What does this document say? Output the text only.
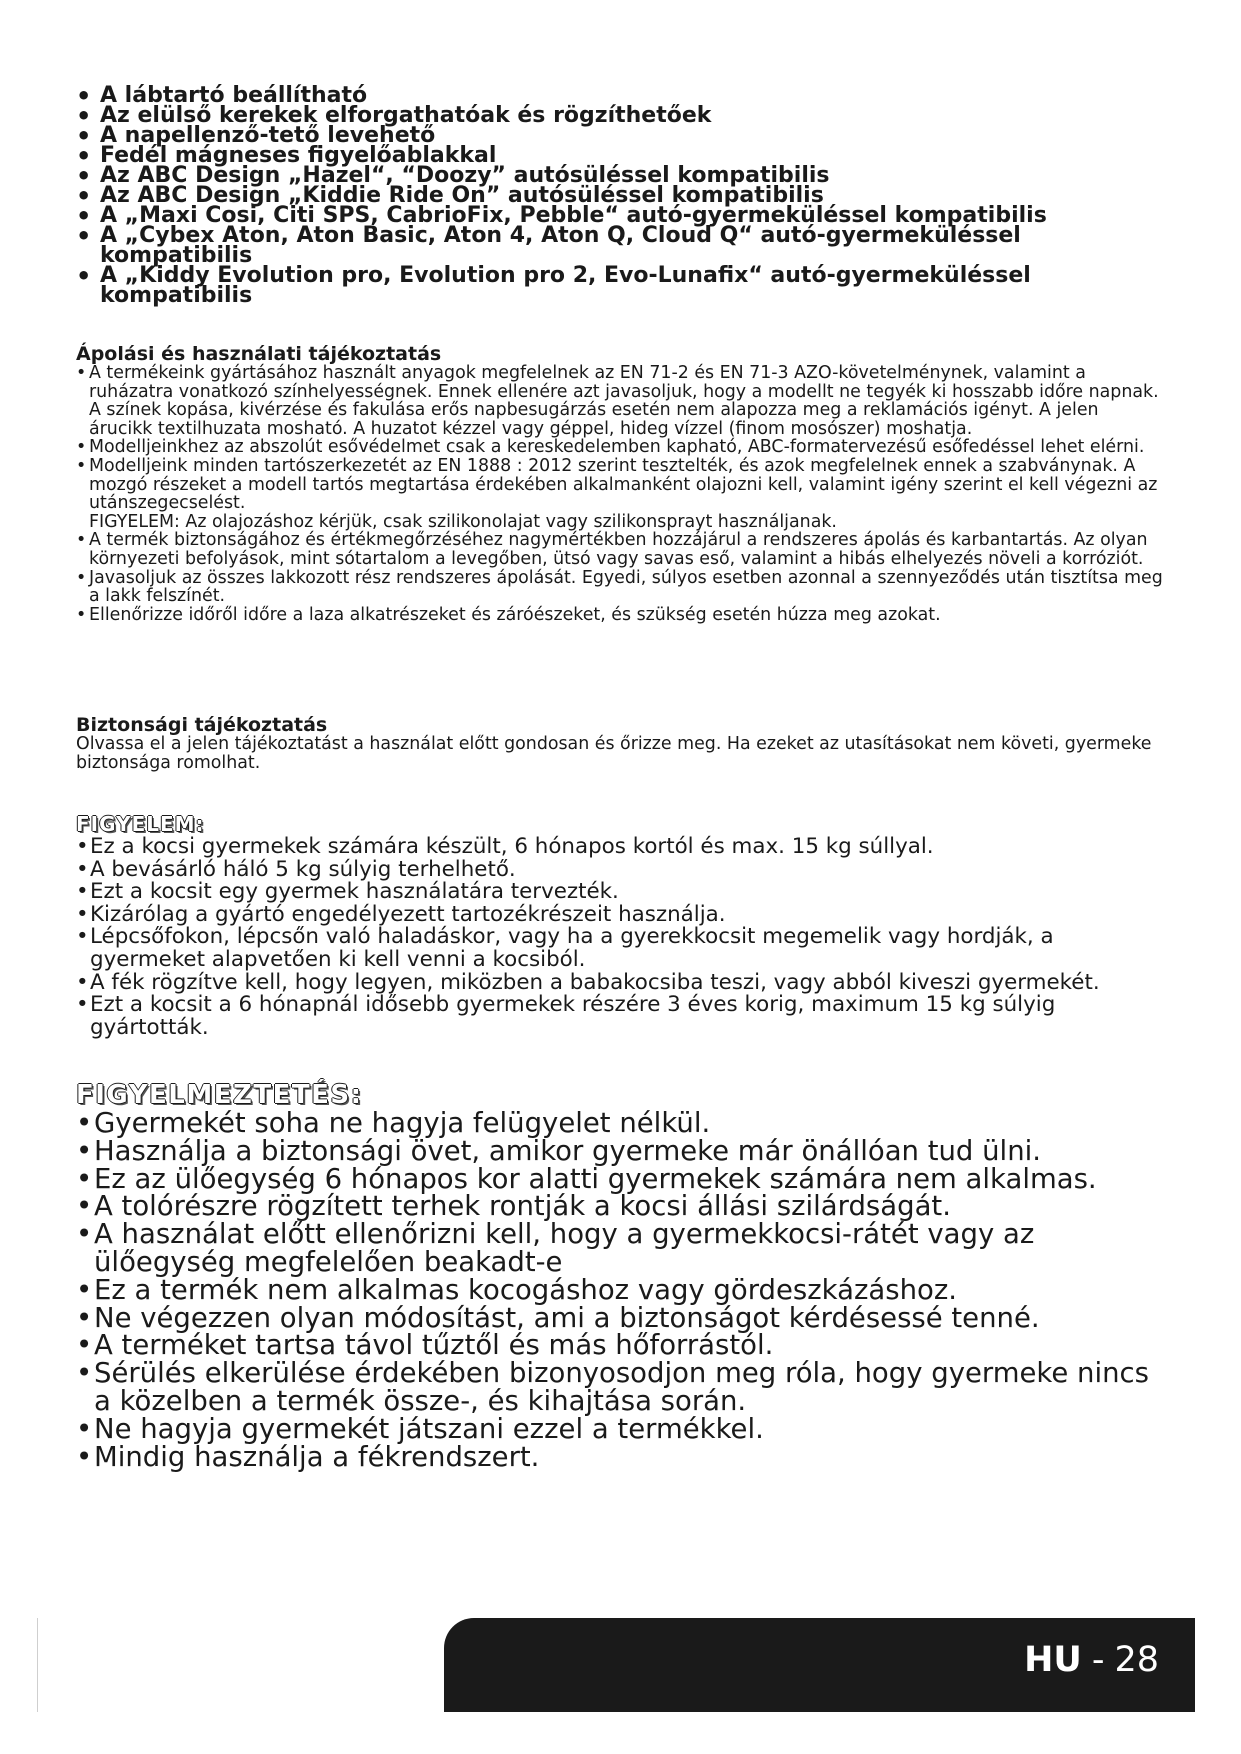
• A lábtartó beállítható
• Az elülső kerekek elforgathatóak és rögzíthetőek
• A napellenző-tető levehető
• Fedél mágneses figyelőablakkal
• Az ABC Design „Hazel“, “Doozy” autósüléssel kompatibilis
• Az ABC Design „Kiddie Ride On” autósüléssel kompatibilis
• A „Maxi Cosi, Citi SPS, CabrioFix, Pebble“ autó-gyermeküléssel kompatibilis
• A „Cybex Aton, Aton Basic, Aton 4, Aton Q, Cloud Q“ autó-gyermeküléssel kompatibilis
• A „Kiddy Evolution pro, Evolution pro 2, Evo-Lunafix“ autó-gyermeküléssel kompatibilis
Ápolási és használati tájékoztatás
• A termékeink gyártásához használt anyagok megfelelnek az EN 71-2 és EN 71-3 AZO-követelménynek, valamint a ruházatra vonatkozó színhelyességnek. Ennek ellenére azt javasoljuk, hogy a modellt ne tegyék ki hosszabb időre napnak. A színek kopása, kivérzése és fakulása erős napbesugárzás esetén nem alapozza meg a reklamációs igényt. A jelen árucikk textilhuzata mosható. A huzatot kézzel vagy géppel, hideg vízzel (finom mosószer) moshatja.
• Modelljeinkhez az abszolút esővédelmet csak a kereskedelemben kapható, ABC-formatervezésű esőfedéssel lehet elérni.
• Modelljeink minden tartószerkezetét az EN 1888 : 2012 szerint tesztelték, és azok megfelelnek ennek a szabványnak. A mozgó részeket a modell tartós megtartása érdekében alkalmanként olajozni kell, valamint igény szerint el kell végezni az utánszegecselést.
FIGYELEM: Az olajozáshoz kérjük, csak szilikonolajat vagy szilikonsprayt használjanak.
• A termék biztonságához és értékmegőrzéséhez nagymértékben hozzájárul a rendszeres ápolás és karbantartás. Az olyan környezeti befolyások, mint sótartalom a levegőben, ütsó vagy savas eső, valamint a hibás elhelyezés növeli a korróziót.
• Javasoljuk az összes lakkozott rész rendszeres ápolását. Egyedi, súlyos esetben azonnal a szennyeződés után tisztítsa meg a lakk felszínét.
• Ellenőrizze időről időre a laza alkatrészeket és záróészeket, és szükség esetén húzza meg azokat.
Biztonsági tájékoztatás

Olvassa el a jelen tájékoztatást a használat előtt gondosan és őrizze meg. Ha ezeket az utasításokat nem követi, gyermeke biztonsága romolhat.

FIGYELEM:
• Ez a kocsi gyermekek számára készült, 6 hónapos kortól és max. 15 kg súllyal.
• A bevásárló háló 5 kg súlyig terhelhető.
• Ezt a kocsit egy gyermek használatára tervezték.
• Kizárólag a gyártó engedélyezett tartozékrészeit használja.
• Lépcsőfokon, lépcsőn való haladáskor, vagy ha a gyerekkocsit megemelik vagy hordják, a gyermeket alapvetően ki kell venni a kocsiból.
• A fék rögzítve kell, hogy legyen, miközben a babakocsiba teszi, vagy abból kiveszi gyermekét.
• Ezt a kocsit a 6 hónapnál idősebb gyermekek részére 3 éves korig, maximum 15 kg súlyig gyártották.
FIGYELMEZTETÉS:
• Gyermekét soha ne hagyja felügyelet nélkül.
• Használja a biztonsági övet, amikor gyermeke már önállóan tud ülni.
• Ez az ülőegység 6 hónapos kor alatti gyermekek számára nem alkalmas.
• A tolórészre rögzített terhek rontják a kocsi állási szilárdságát.
• A használat előtt ellenőrizni kell, hogy a gyermekkocsi-rátét vagy az ülőegység megfelelően beakadt-e
• Ez a termék nem alkalmas kocogáshoz vagy gördeszkázáshoz.
• Ne végezzen olyan módosítást, ami a biztonságot kérdésessé tenné.
• A terméket tartsa távol tűztől és más hőforrástól.
• Sérülés elkerülése érdekében bizonyosodjon meg róla, hogy gyermeke nincs a közelben a termék össze-, és kihajtása során.
• Ne hagyja gyermekét játszani ezzel a termékkel.
• Mindig használja a fékrendszert.
HU - 28
